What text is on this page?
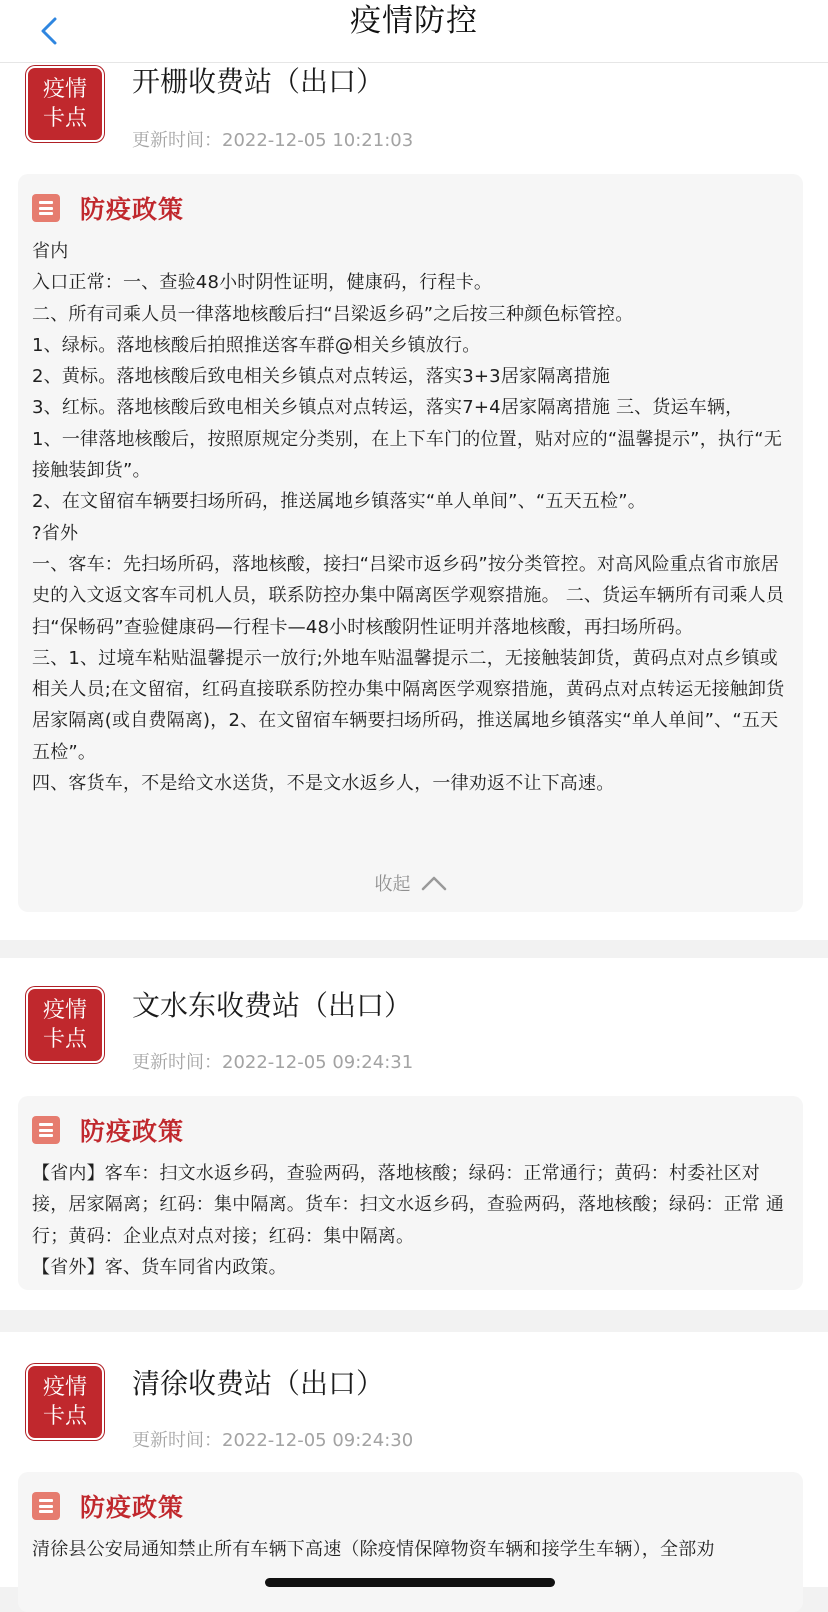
疫情防控
疫情
卡点
开栅收费站（出口）
更新时间：2022-12-05 10:21:03
防疫政策

省内

入口正常：一、查验48小时阴性证明，健康码，行程卡。

二、所有司乘人员一律落地核酸后扫“吕梁返乡码”之后按三种颜色标管控。

1、绿标。落地核酸后拍照推送客车群@相关乡镇放行。

2、黄标。落地核酸后致电相关乡镇点对点转运，落实3+3居家隔离措施

3、红标。落地核酸后致电相关乡镇点对点转运，落实7+4居家隔离措施 三、货运车辆，

1、一律落地核酸后，按照原规定分类别，在上下车门的位置，贴对应的“温馨提示”，执行“无接触装卸货”。

2、在文留宿车辆要扫场所码，推送属地乡镇落实“单人单间”、“五天五检”。

?省外

一、客车：先扫场所码，落地核酸，接扫“吕梁市返乡码”按分类管控。对高风险重点省市旅居史的入文返文客车司机人员，联系防控办集中隔离医学观察措施。 二、货运车辆所有司乘人员扫“保畅码”查验健康码—行程卡—48小时核酸阴性证明并落地核酸，再扫场所码。

三、1、过境车粘贴温馨提示一放行;外地车贴温馨提示二，无接触装卸货，黄码点对点乡镇或相关人员;在文留宿，红码直接联系防控办集中隔离医学观察措施，黄码点对点转运无接触卸货居家隔离(或自费隔离)，2、在文留宿车辆要扫场所码，推送属地乡镇落实“单人单间”、“五天五检”。

四、客货车，不是给文水送货，不是文水返乡人，一律劝返不让下高速。

收起
疫情
卡点
文水东收费站（出口）
更新时间：2022-12-05 09:24:31
防疫政策

【省内】客车：扫文水返乡码，查验两码，落地核酸；绿码：正常通行；黄码：村委社区对接，居家隔离；红码：集中隔离。货车：扫文水返乡码，查验两码，落地核酸；绿码：正常 通行；黄码：企业点对点对接；红码：集中隔离。

【省外】客、货车同省内政策。

疫情
卡点
清徐收费站（出口）
更新时间：2022-12-05 09:24:30
防疫政策

清徐县公安局通知禁止所有车辆下高速（除疫情保障物资车辆和接学生车辆），全部劝
